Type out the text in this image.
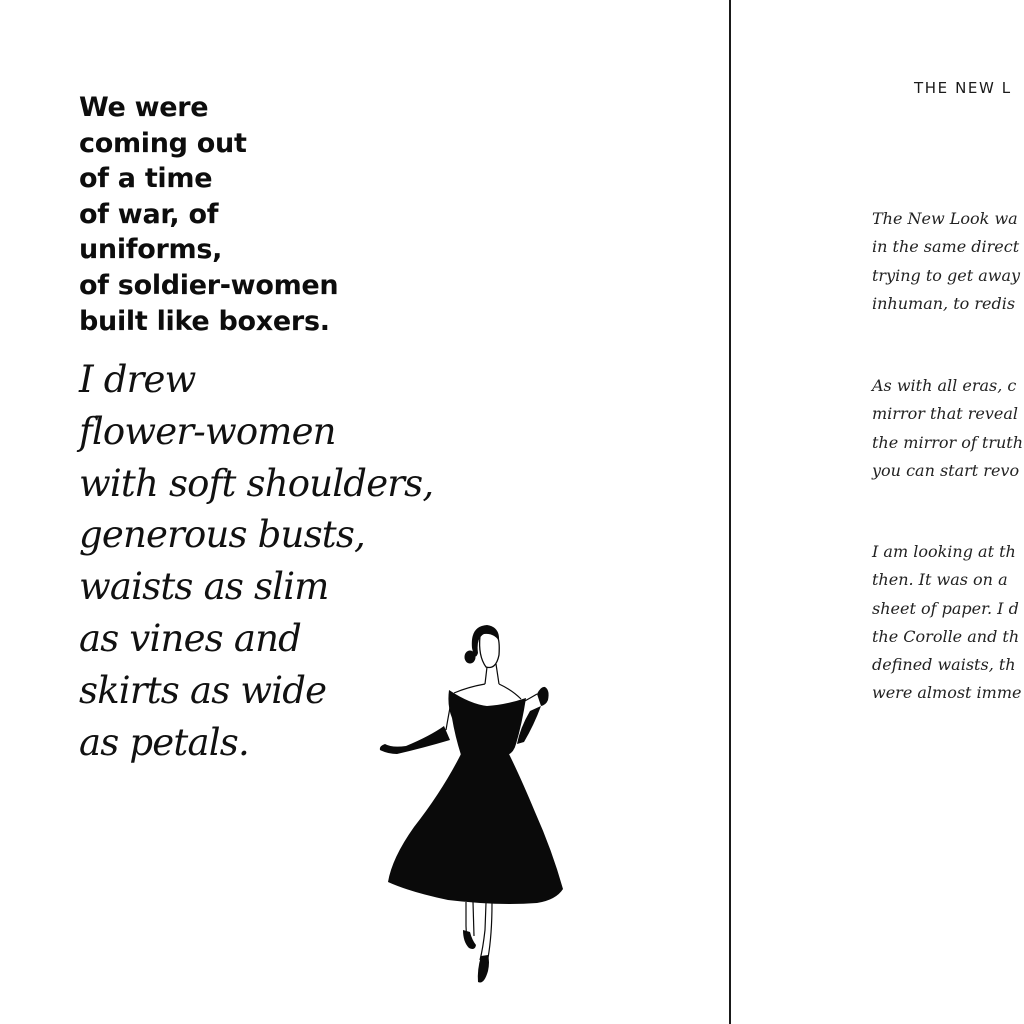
We were
coming out
of a time
of war, of
uniforms,
of soldier-women
built like boxers.
I drew
flower-women
with soft shoulders,
generous busts,
waists as slim
as vines and
skirts as wide
as petals.
THE NEW L
The New Look wa
in the same direct
trying to get away
inhuman, to redis
As with all eras, c
mirror that reveal
the mirror of truth
you can start revo
I am looking at th
then. It was on a
sheet of paper. I d
the Corolle and th
defined waists, th
were almost imme
